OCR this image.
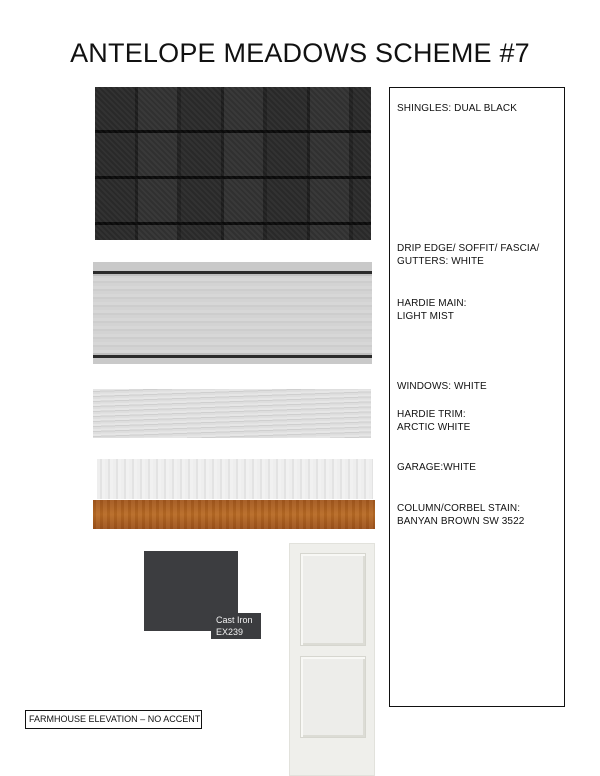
ANTELOPE MEADOWS SCHEME #7
Cast Iron
EX239
SHINGLES: DUAL BLACK
DRIP EDGE/ SOFFIT/ FASCIA/
GUTTERS: WHITE
HARDIE MAIN:
LIGHT MIST
WINDOWS: WHITE
HARDIE TRIM:
ARCTIC WHITE
GARAGE:WHITE
COLUMN/CORBEL STAIN:
BANYAN BROWN SW 3522
FARMHOUSE ELEVATION – NO ACCENT
